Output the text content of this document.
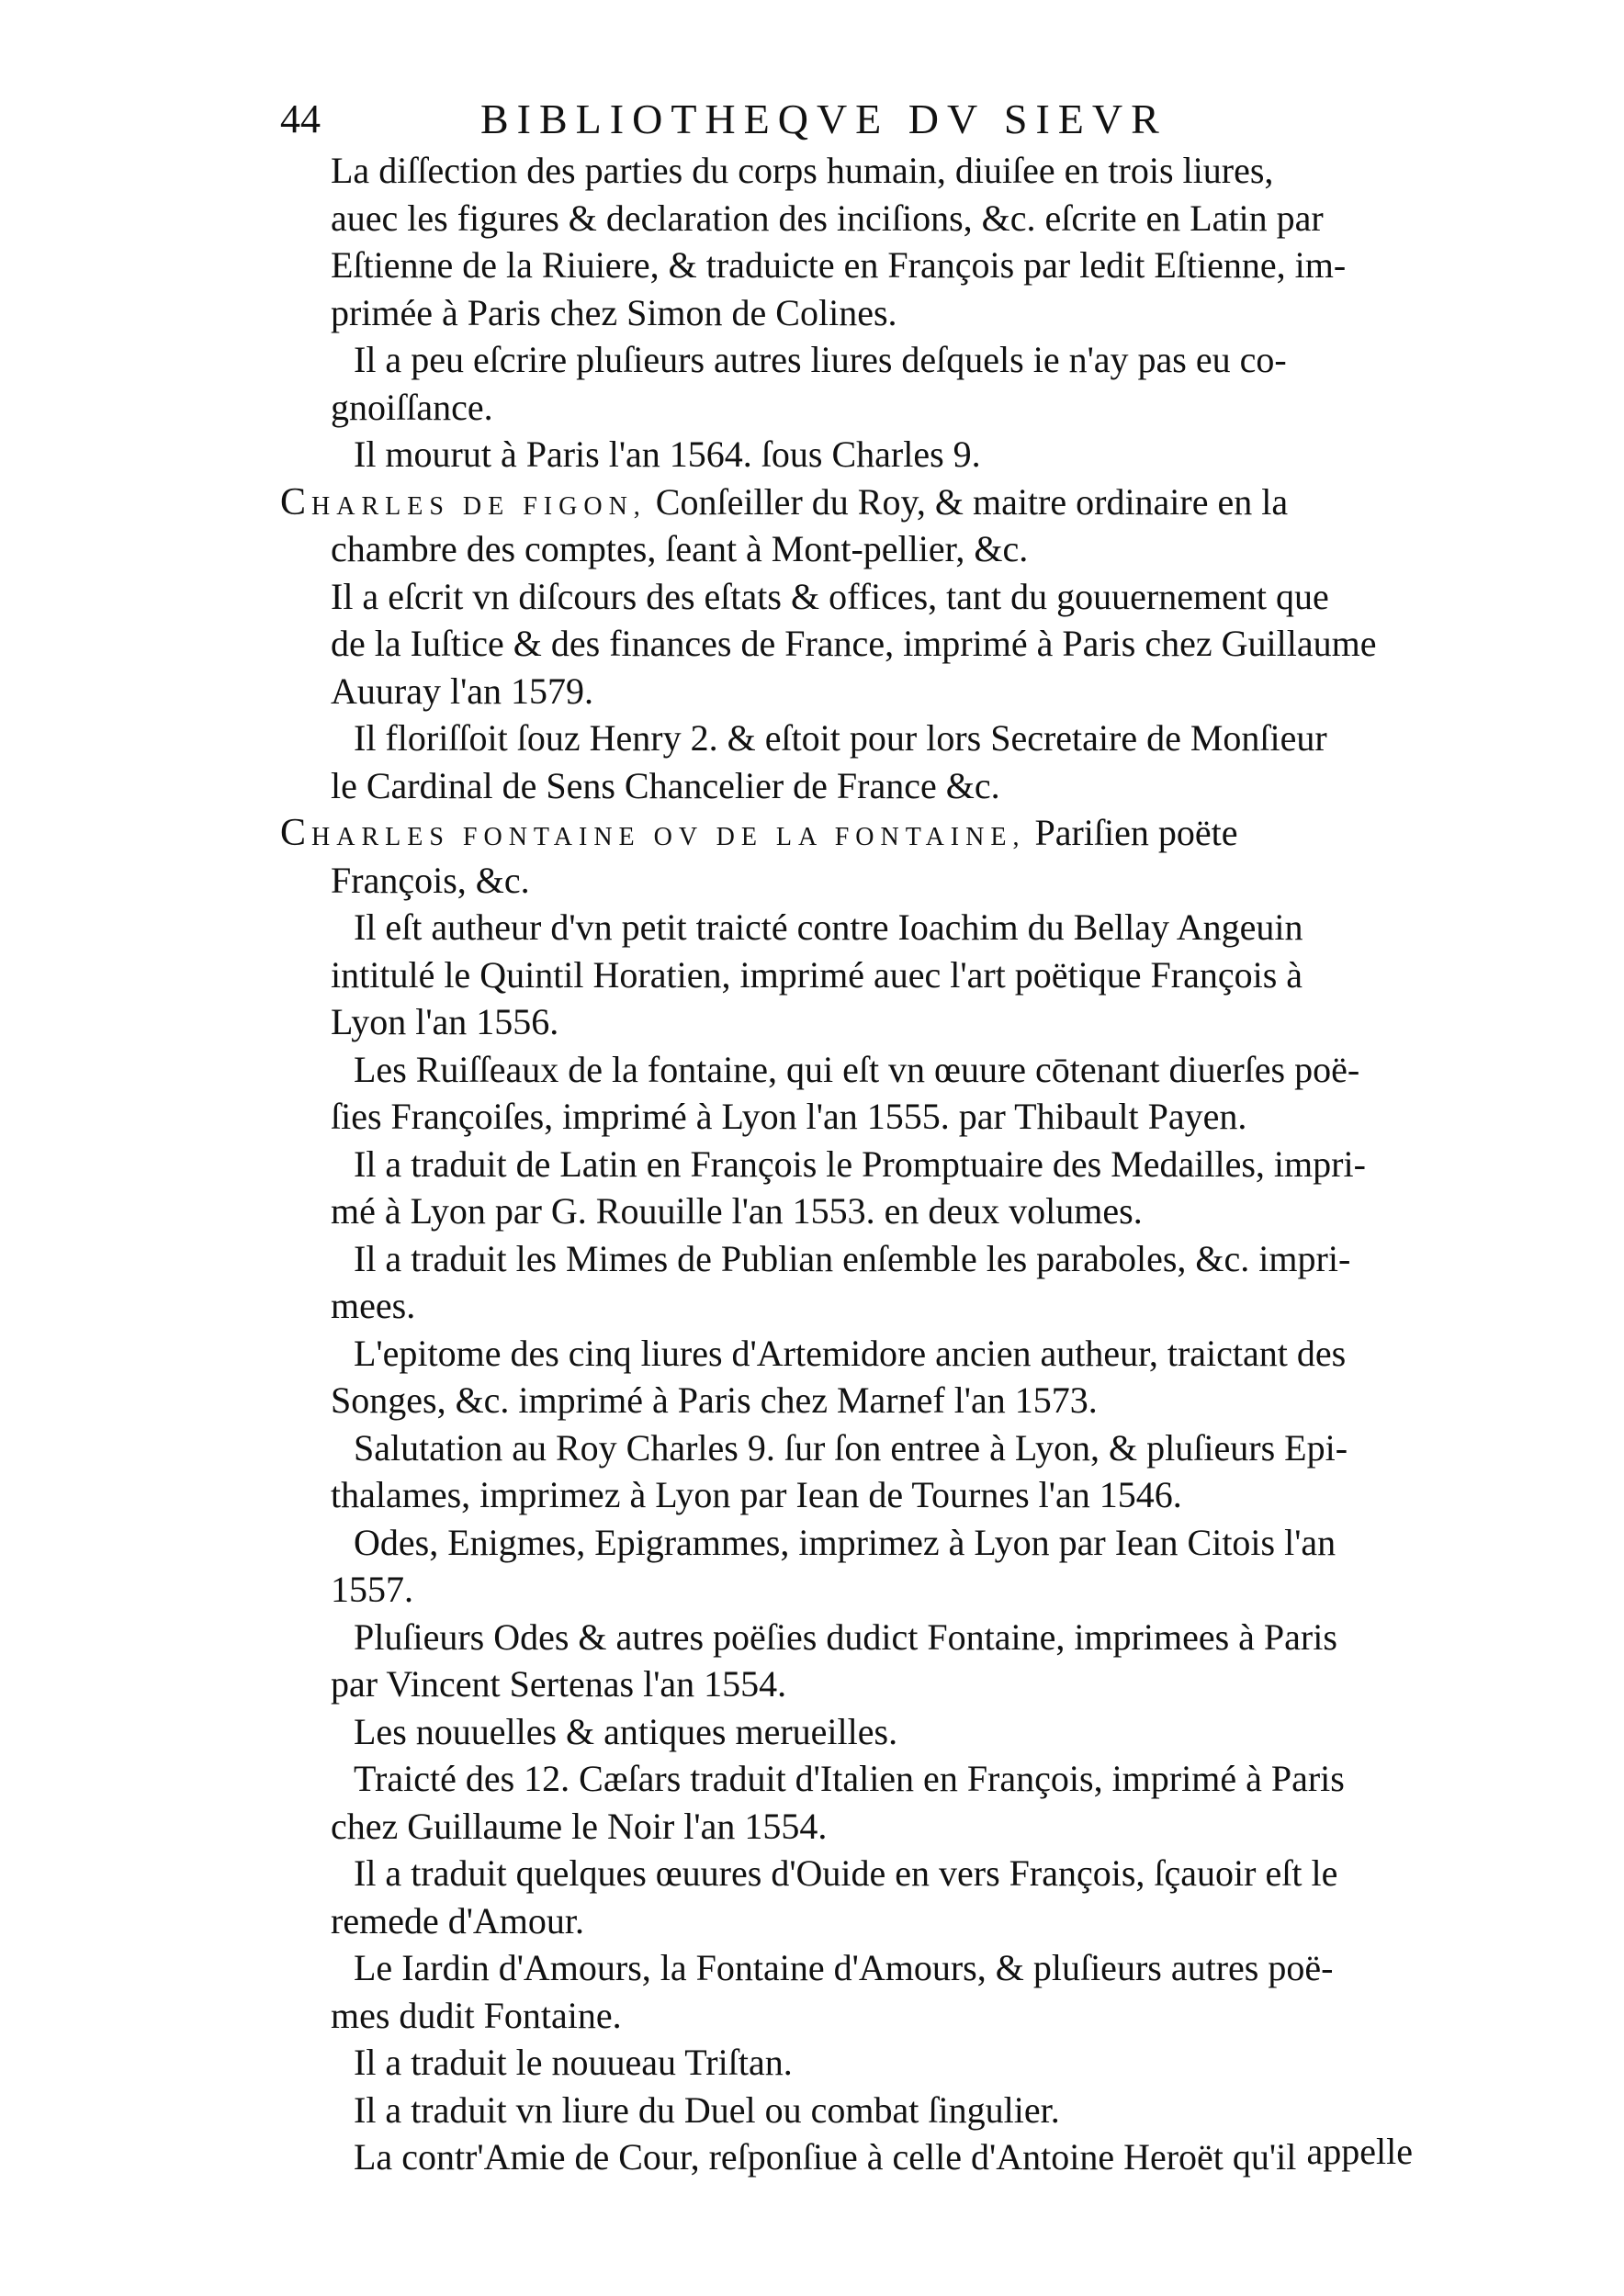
44	BIBLIOTHEQVE DV SIEVR
La diſſection des parties du corps humain, diuiſee en trois liures,
auec les figures & declaration des inciſions, &c. eſcrite en Latin par
Eſtienne de la Riuiere, & traduicte en François par ledit Eſtienne, im-
primée à Paris chez Simon de Colines.
Il a peu eſcrire pluſieurs autres liures deſquels ie n'ay pas eu co-
gnoiſſance.
Il mourut à Paris l'an 1564. ſous Charles 9.
CHARLES DE FIGON, Conſeiller du Roy, & maitre ordinaire en la
chambre des comptes, ſeant à Mont-pellier, &c.
Il a eſcrit vn diſcours des eſtats & offices, tant du gouuernement que
de la Iuſtice & des finances de France, imprimé à Paris chez Guillaume
Auuray l'an 1579.
Il floriſſoit ſouz Henry 2. & eſtoit pour lors Secretaire de Monſieur
le Cardinal de Sens Chancelier de France &c.
CHARLES FONTAINE OV DE LA FONTAINE, Pariſien poëte
François, &c.
Il eſt autheur d'vn petit traicté contre Ioachim du Bellay Angeuin
intitulé le Quintil Horatien, imprimé auec l'art poëtique François à
Lyon l'an 1556.
Les Ruiſſeaux de la fontaine, qui eſt vn œuure cōtenant diuerſes poë-
ſies Françoiſes, imprimé à Lyon l'an 1555. par Thibault Payen.
Il a traduit de Latin en François le Promptuaire des Medailles, impri-
mé à Lyon par G. Rouuille l'an 1553. en deux volumes.
Il a traduit les Mimes de Publian enſemble les paraboles, &c. impri-
mees.
L'epitome des cinq liures d'Artemidore ancien autheur, traictant des
Songes, &c. imprimé à Paris chez Marnef l'an 1573.
Salutation au Roy Charles 9. ſur ſon entree à Lyon, & pluſieurs Epi-
thalames, imprimez à Lyon par Iean de Tournes l'an 1546.
Odes, Enigmes, Epigrammes, imprimez à Lyon par Iean Citois l'an
1557.
Pluſieurs Odes & autres poëſies dudict Fontaine, imprimees à Paris
par Vincent Sertenas l'an 1554.
Les nouuelles & antiques merueilles.
Traicté des 12. Cæſars traduit d'Italien en François, imprimé à Paris
chez Guillaume le Noir l'an 1554.
Il a traduit quelques œuures d'Ouide en vers François, ſçauoir eſt le
remede d'Amour.
Le Iardin d'Amours, la Fontaine d'Amours, & pluſieurs autres poë-
mes dudit Fontaine.
Il a traduit le nouueau Triſtan.
Il a traduit vn liure du Duel ou combat ſingulier.
La contr'Amie de Cour, reſponſiue à celle d'Antoine Heroët qu'il appelle
